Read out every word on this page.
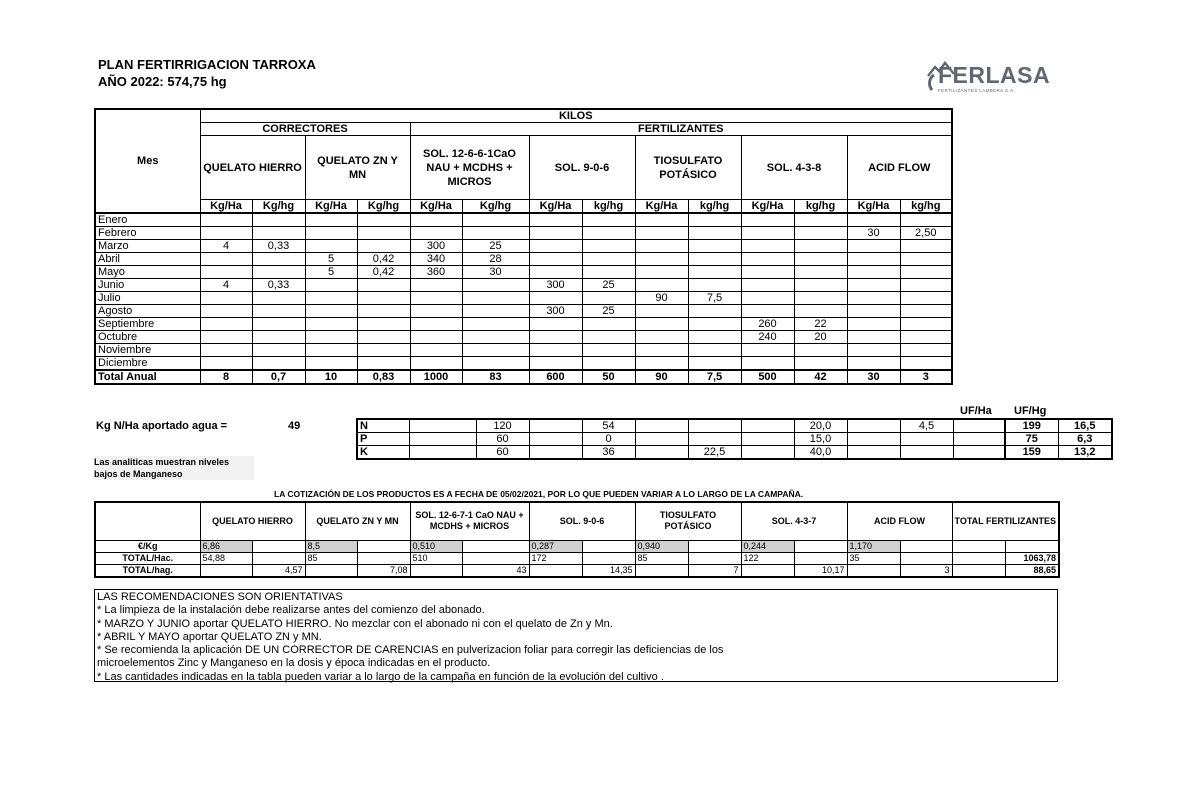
PLAN FERTIRRIGACION TARROXA
AÑO 2022: 574,75 hg	FERLASA
FERTILIZANTES LAMBERA S.A.
Mes	KILOS													
	CORRECTORES				FERTILIZANTES									
	QUELATO HIERRO		QUELATO ZN Y MN		SOL. 12-6-6-1CaO NAU + MCDHS + MICROS		SOL. 9-0-6		TIOSULFATO POTÁSICO		SOL. 4-3-8		ACID FLOW	
	Kg/Ha	Kg/hg	Kg/Ha	Kg/hg	Kg/Ha	Kg/hg	Kg/Ha	kg/hg	Kg/Ha	kg/hg	Kg/Ha	kg/hg	Kg/Ha	kg/hg
Enero														
Febrero													30	2,50
Marzo	4	0,33			300	25								
Abril			5	0,42	340	28								
Mayo			5	0,42	360	30								
Junio	4	0,33					300	25						
Julio									90	7,5				
Agosto							300	25						
Septiembre											260	22		
Octubre											240	20		
Noviembre														
Diciembre														
Total Anual	8	0,7	10	0,83	1000	83	600	50	90	7,5	500	42	30	3
Kg N/Ha aportado agua =	49
Las analiticas muestran niveles bajos de Manganeso
UF/Ha UF/Hg
N		120		54				20,0		4,5		199	16,5
P		60		0				15,0				75	6,3
K		60		36		22,5		40,0				159	13,2
LA COTIZACIÓN DE LOS PRODUCTOS ES A FECHA DE 05/02/2021, POR LO QUE PUEDEN VARIAR A LO LARGO DE LA CAMPAÑA.
	QUELATO HIERRO		QUELATO ZN Y MN		SOL. 12-6-7-1 CaO NAU + MCDHS + MICROS		SOL. 9-0-6		TIOSULFATO POTÁSICO		SOL. 4-3-7		ACID FLOW		TOTAL FERTILIZANTES	
€/Kg	6,86		8,5		0,510		0,287		0,940		0,244		1,170			
TOTAL/Hac.	54,88		85		510		172		85		122		35			1063,78
TOTAL/hag.		4,57		7,08		43		14,35		7		10,17		3		88,65
LAS RECOMENDACIONES SON ORIENTATIVAS
* La limpieza de la instalación debe realizarse antes del comienzo del abonado.
* MARZO Y JUNIO aportar QUELATO HIERRO. No mezclar con el abonado ni con el quelato de Zn y Mn.
* ABRIL Y MAYO aportar QUELATO ZN y MN.
* Se recomienda la aplicación DE UN CORRECTOR DE CARENCIAS en pulverizacion foliar para corregir las deficiencias de los
microelementos Zinc y Manganeso en la dosis y época indicadas en el producto.
* Las cantidades indicadas en la tabla pueden variar a lo largo de la campaña en función de la evolución del cultivo .
